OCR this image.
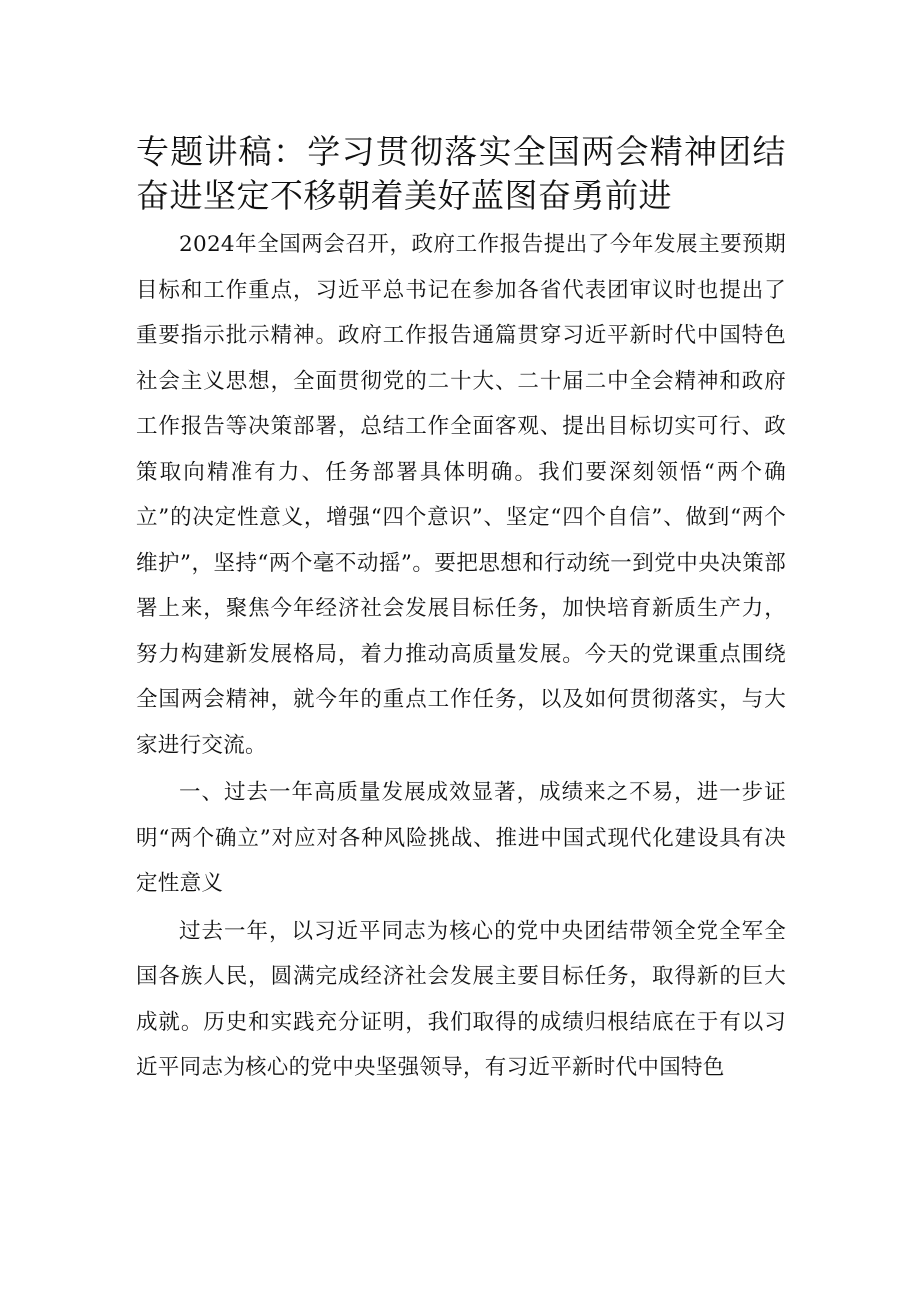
专题讲稿：学习贯彻落实全国两会精神团结奋进坚定不移朝着美好蓝图奋勇前进

2024年全国两会召开，政府工作报告提出了今年发展主要预期目标和工作重点，习近平总书记在参加各省代表团审议时也提出了重要指示批示精神。政府工作报告通篇贯穿习近平新时代中国特色社会主义思想，全面贯彻党的二十大、二十届二中全会精神和政府工作报告等决策部署，总结工作全面客观、提出目标切实可行、政策取向精准有力、任务部署具体明确。我们要深刻领悟“两个确立”的决定性意义，增强“四个意识”、坚定“四个自信”、做到“两个维护”，坚持“两个毫不动摇”。要把思想和行动统一到党中央决策部署上来，聚焦今年经济社会发展目标任务，加快培育新质生产力，努力构建新发展格局，着力推动高质量发展。今天的党课重点围绕全国两会精神，就今年的重点工作任务，以及如何贯彻落实，与大家进行交流。

一、过去一年高质量发展成效显著，成绩来之不易，进一步证明“两个确立”对应对各种风险挑战、推进中国式现代化建设具有决定性意义

过去一年，以习近平同志为核心的党中央团结带领全党全军全国各族人民，圆满完成经济社会发展主要目标任务，取得新的巨大成就。历史和实践充分证明，我们取得的成绩归根结底在于有以习近平同志为核心的党中央坚强领导，有习近平新时代中国特色
